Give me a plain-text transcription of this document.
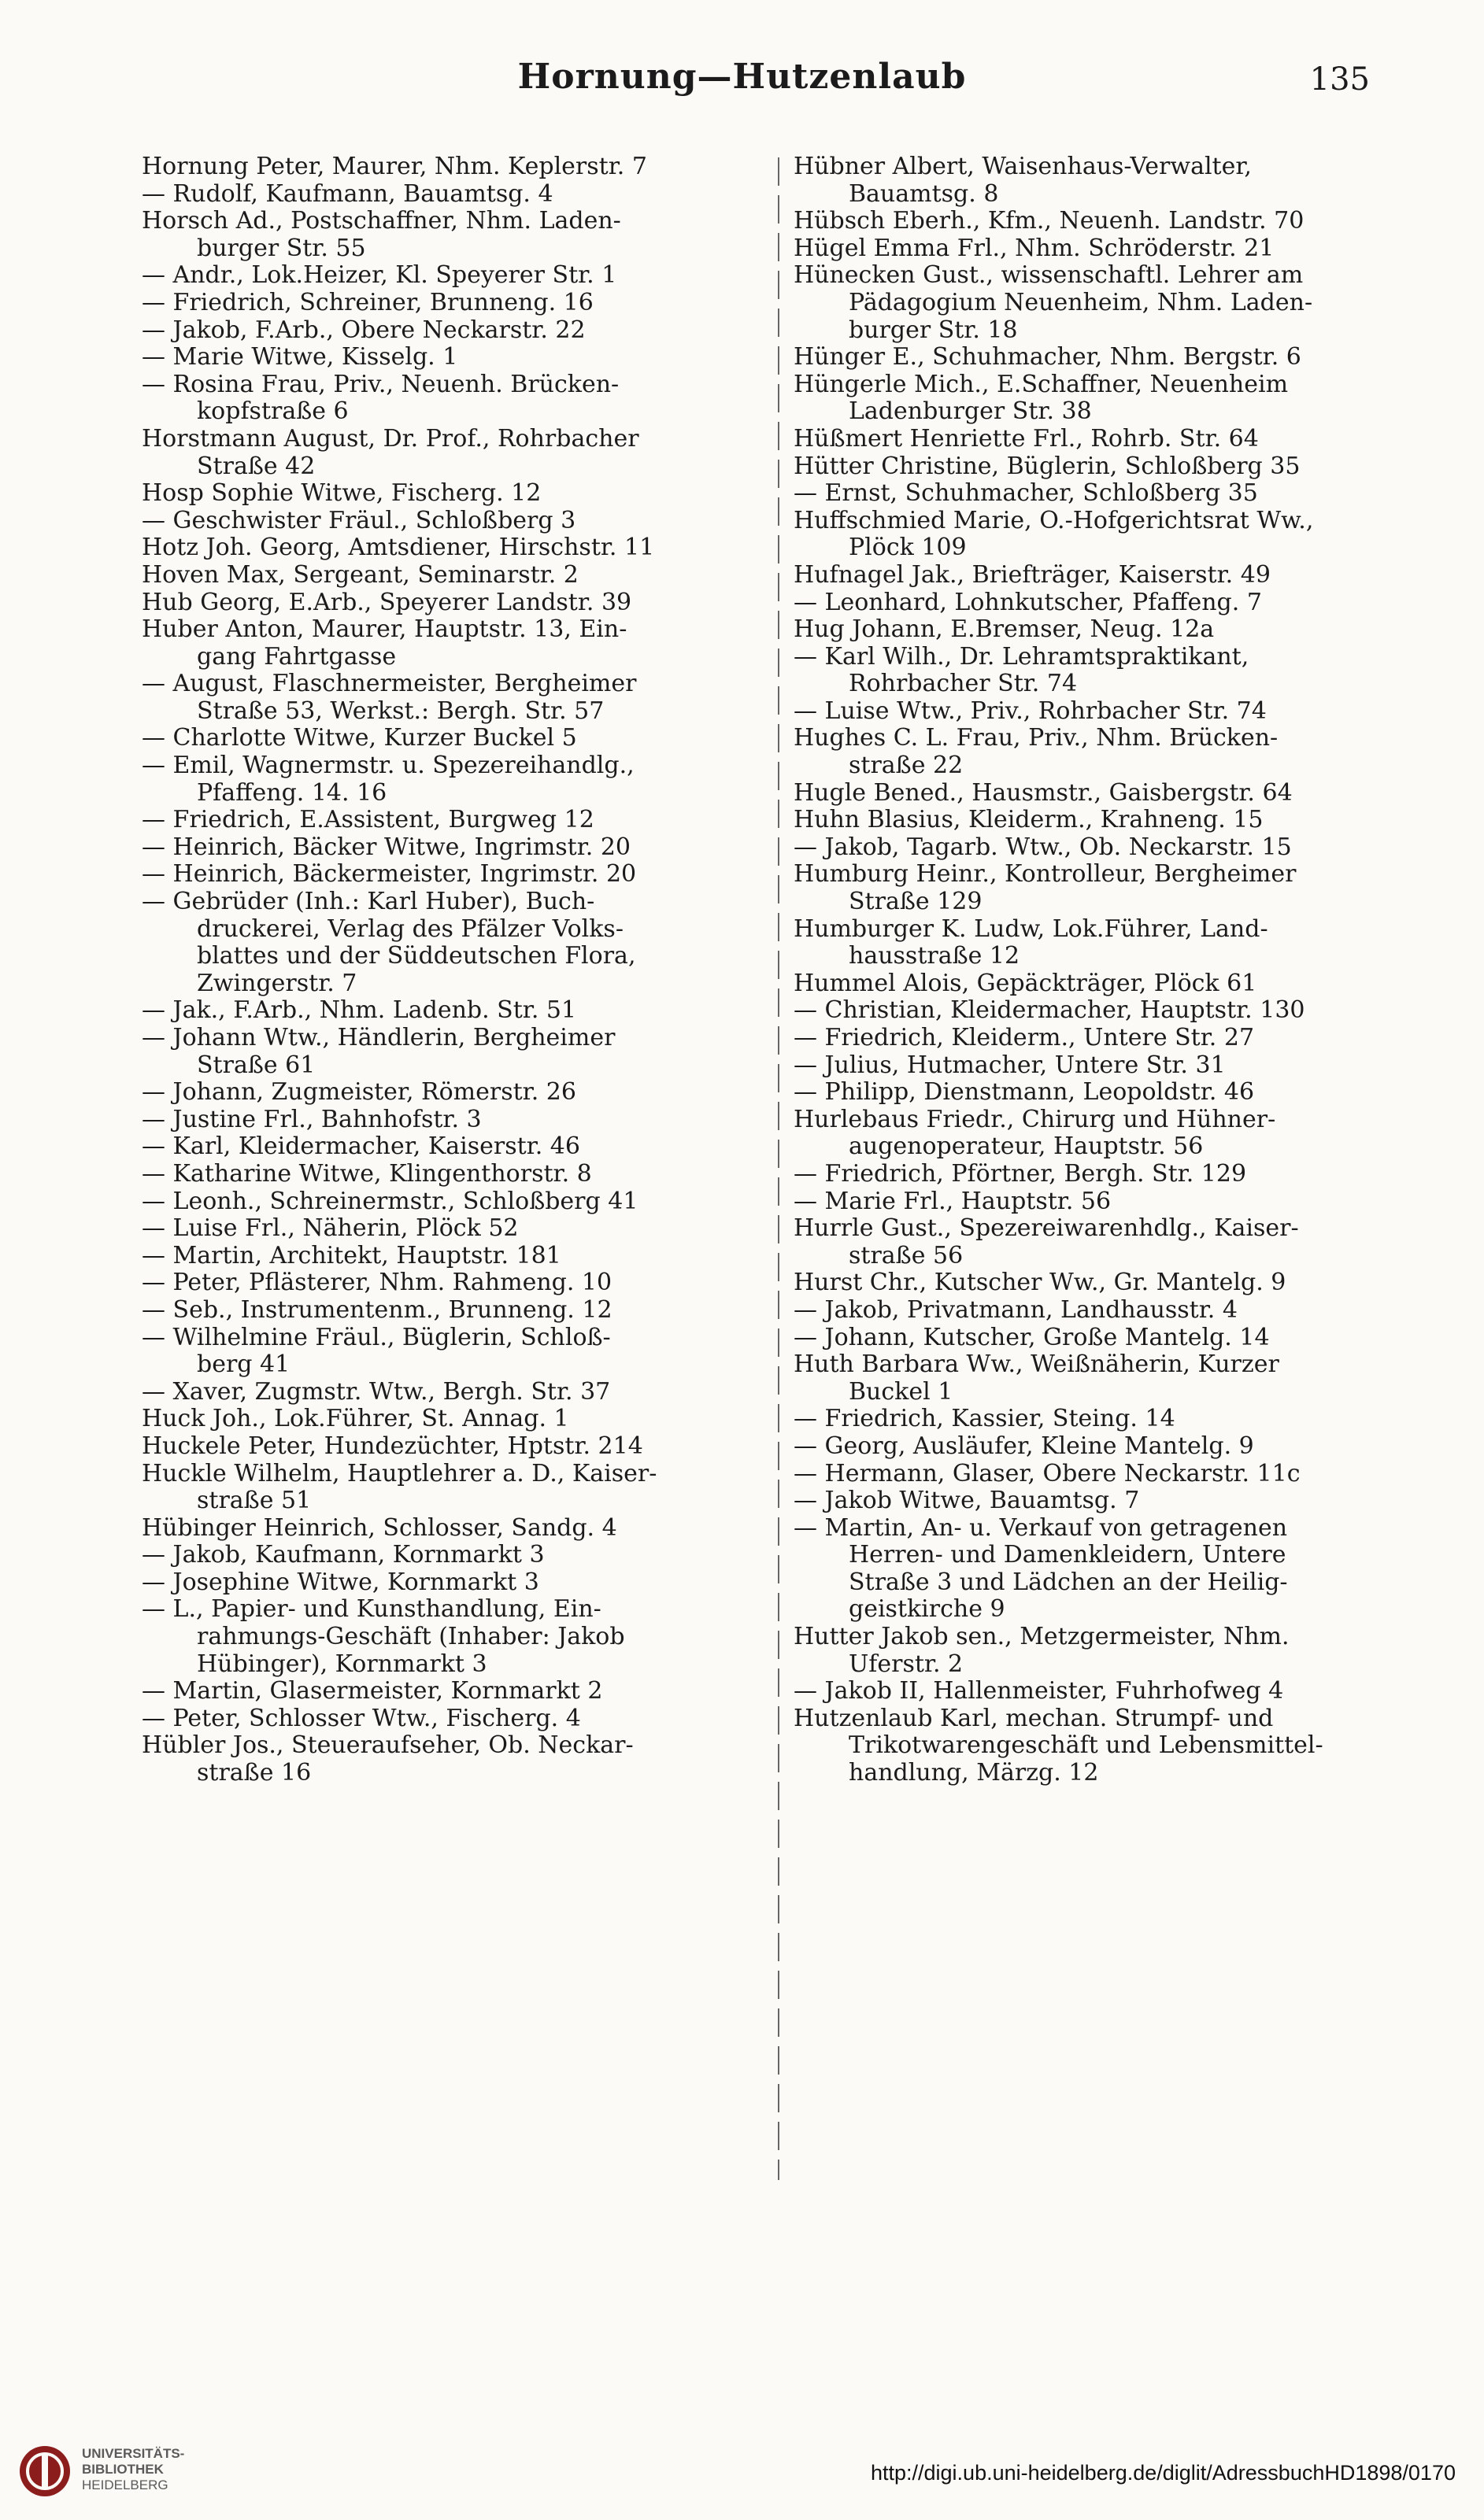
Hornung—Hutzenlaub	135

Hornung Peter, Maurer, Nhm. Keplerstr. 7

— Rudolf, Kaufmann, Bauamtsg. 4

Horsch Ad., Postschaffner, Nhm. Laden-

burger Str. 55

— Andr., Lok.Heizer, Kl. Speyerer Str. 1

— Friedrich, Schreiner, Brunneng. 16

— Jakob, F.Arb., Obere Neckarstr. 22

— Marie Witwe, Kisselg. 1

— Rosina Frau, Priv., Neuenh. Brücken-

kopfstraße 6

Horstmann August, Dr. Prof., Rohrbacher

Straße 42

Hosp Sophie Witwe, Fischerg. 12

— Geschwister Fräul., Schloßberg 3

Hotz Joh. Georg, Amtsdiener, Hirschstr. 11

Hoven Max, Sergeant, Seminarstr. 2

Hub Georg, E.Arb., Speyerer Landstr. 39

Huber Anton, Maurer, Hauptstr. 13, Ein-

gang Fahrtgasse

— August, Flaschnermeister, Bergheimer

Straße 53, Werkst.: Bergh. Str. 57

— Charlotte Witwe, Kurzer Buckel 5

— Emil, Wagnermstr. u. Spezereihandlg.,

Pfaffeng. 14. 16

— Friedrich, E.Assistent, Burgweg 12

— Heinrich, Bäcker Witwe, Ingrimstr. 20

— Heinrich, Bäckermeister, Ingrimstr. 20

— Gebrüder (Inh.: Karl Huber), Buch-

druckerei, Verlag des Pfälzer Volks-

blattes und der Süddeutschen Flora,

Zwingerstr. 7

— Jak., F.Arb., Nhm. Ladenb. Str. 51

— Johann Wtw., Händlerin, Bergheimer

Straße 61

— Johann, Zugmeister, Römerstr. 26

— Justine Frl., Bahnhofstr. 3

— Karl, Kleidermacher, Kaiserstr. 46

— Katharine Witwe, Klingenthorstr. 8

— Leonh., Schreinermstr., Schloßberg 41

— Luise Frl., Näherin, Plöck 52

— Martin, Architekt, Hauptstr. 181

— Peter, Pflästerer, Nhm. Rahmeng. 10

— Seb., Instrumentenm., Brunneng. 12

— Wilhelmine Fräul., Büglerin, Schloß-

berg 41

— Xaver, Zugmstr. Wtw., Bergh. Str. 37

Huck Joh., Lok.Führer, St. Annag. 1

Huckele Peter, Hundezüchter, Hptstr. 214

Huckle Wilhelm, Hauptlehrer a. D., Kaiser-

straße 51

Hübinger Heinrich, Schlosser, Sandg. 4

— Jakob, Kaufmann, Kornmarkt 3

— Josephine Witwe, Kornmarkt 3

— L., Papier- und Kunsthandlung, Ein-

rahmungs-Geschäft (Inhaber: Jakob

Hübinger), Kornmarkt 3

— Martin, Glasermeister, Kornmarkt 2

— Peter, Schlosser Wtw., Fischerg. 4

Hübler Jos., Steueraufseher, Ob. Neckar-

straße 16

Hübner Albert, Waisenhaus-Verwalter,

Bauamtsg. 8

Hübsch Eberh., Kfm., Neuenh. Landstr. 70

Hügel Emma Frl., Nhm. Schröderstr. 21

Hünecken Gust., wissenschaftl. Lehrer am

Pädagogium Neuenheim, Nhm. Laden-

burger Str. 18

Hünger E., Schuhmacher, Nhm. Bergstr. 6

Hüngerle Mich., E.Schaffner, Neuenheim

Ladenburger Str. 38

Hüßmert Henriette Frl., Rohrb. Str. 64

Hütter Christine, Büglerin, Schloßberg 35

— Ernst, Schuhmacher, Schloßberg 35

Huffschmied Marie, O.-Hofgerichtsrat Ww.,

Plöck 109

Hufnagel Jak., Briefträger, Kaiserstr. 49

— Leonhard, Lohnkutscher, Pfaffeng. 7

Hug Johann, E.Bremser, Neug. 12a

— Karl Wilh., Dr. Lehramtspraktikant,

Rohrbacher Str. 74

— Luise Wtw., Priv., Rohrbacher Str. 74

Hughes C. L. Frau, Priv., Nhm. Brücken-

straße 22

Hugle Bened., Hausmstr., Gaisbergstr. 64

Huhn Blasius, Kleiderm., Krahneng. 15

— Jakob, Tagarb. Wtw., Ob. Neckarstr. 15

Humburg Heinr., Kontrolleur, Bergheimer

Straße 129

Humburger K. Ludw, Lok.Führer, Land-

hausstraße 12

Hummel Alois, Gepäckträger, Plöck 61

— Christian, Kleidermacher, Hauptstr. 130

— Friedrich, Kleiderm., Untere Str. 27

— Julius, Hutmacher, Untere Str. 31

— Philipp, Dienstmann, Leopoldstr. 46

Hurlebaus Friedr., Chirurg und Hühner-

augenoperateur, Hauptstr. 56

— Friedrich, Pförtner, Bergh. Str. 129

— Marie Frl., Hauptstr. 56

Hurrle Gust., Spezereiwarenhdlg., Kaiser-

straße 56

Hurst Chr., Kutscher Ww., Gr. Mantelg. 9

— Jakob, Privatmann, Landhausstr. 4

— Johann, Kutscher, Große Mantelg. 14

Huth Barbara Ww., Weißnäherin, Kurzer

Buckel 1

— Friedrich, Kassier, Steing. 14

— Georg, Ausläufer, Kleine Mantelg. 9

— Hermann, Glaser, Obere Neckarstr. 11c

— Jakob Witwe, Bauamtsg. 7

— Martin, An- u. Verkauf von getragenen

Herren- und Damenkleidern, Untere

Straße 3 und Lädchen an der Heilig-

geistkirche 9

Hutter Jakob sen., Metzgermeister, Nhm.

Uferstr. 2

— Jakob II, Hallenmeister, Fuhrhofweg 4

Hutzenlaub Karl, mechan. Strumpf- und

Trikotwarengeschäft und Lebensmittel-

handlung, Märzg. 12

UNIVERSITÄTS-
BIBLIOTHEK
HEIDELBERG
http://digi.ub.uni-heidelberg.de/diglit/AdressbuchHD1898/0170
